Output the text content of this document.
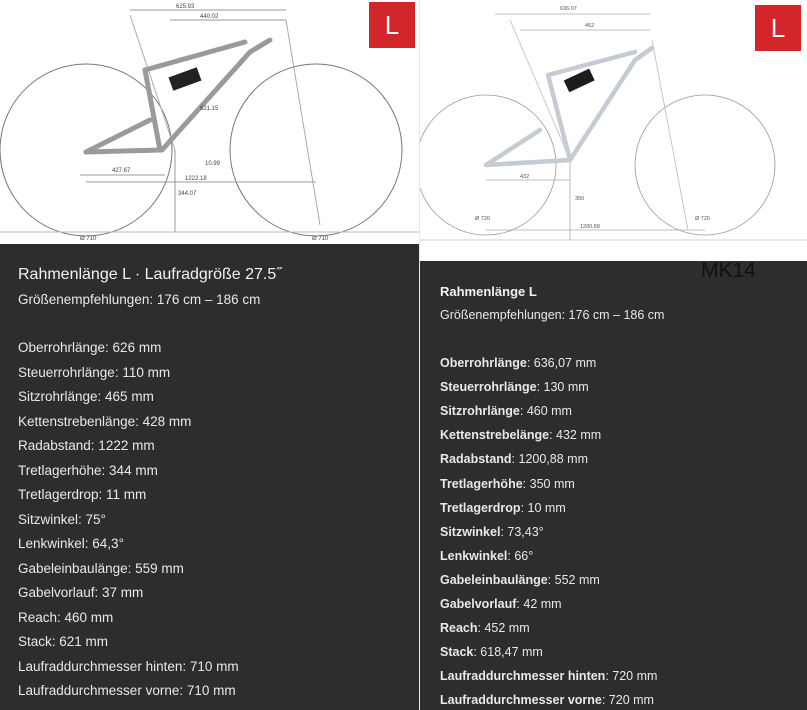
625.93
440.02
427.67
1222.18
344.07
621.15
10.99
Ø 710	Ø 710
L
636.07
452
432
1200.88
350
Ø 720	Ø 720
L
Rahmenlänge L · Laufradgröße 27.5˝
Größenempfehlungen: 176 cm – 186 cm
Oberrohrlänge: 626 mm
Steuerrohrlänge: 110 mm
Sitzrohrlänge: 465 mm
Kettenstrebenlänge: 428 mm
Radabstand: 1222 mm
Tretlagerhöhe: 344 mm
Tretlagerdrop: 11 mm
Sitzwinkel: 75°
Lenkwinkel: 64,3°
Gabeleinbaulänge: 559 mm
Gabelvorlauf: 37 mm
Reach: 460 mm
Stack: 621 mm
Laufraddurchmesser hinten: 710 mm
Laufraddurchmesser vorne: 710 mm
Rahmenlänge L
Größenempfehlungen: 176 cm – 186 cm
Oberrohrlänge: 636,07 mm
Steuerrohrlänge: 130 mm
Sitzrohrlänge: 460 mm
Kettenstrebelänge: 432 mm
Radabstand: 1200,88 mm
Tretlagerhöhe: 350 mm
Tretlagerdrop: 10 mm
Sitzwinkel: 73,43°
Lenkwinkel: 66°
Gabeleinbaulänge: 552 mm
Gabelvorlauf: 42 mm
Reach: 452 mm
Stack: 618,47 mm
Laufraddurchmesser hinten: 720 mm
Laufraddurchmesser vorne: 720 mm
MK14
